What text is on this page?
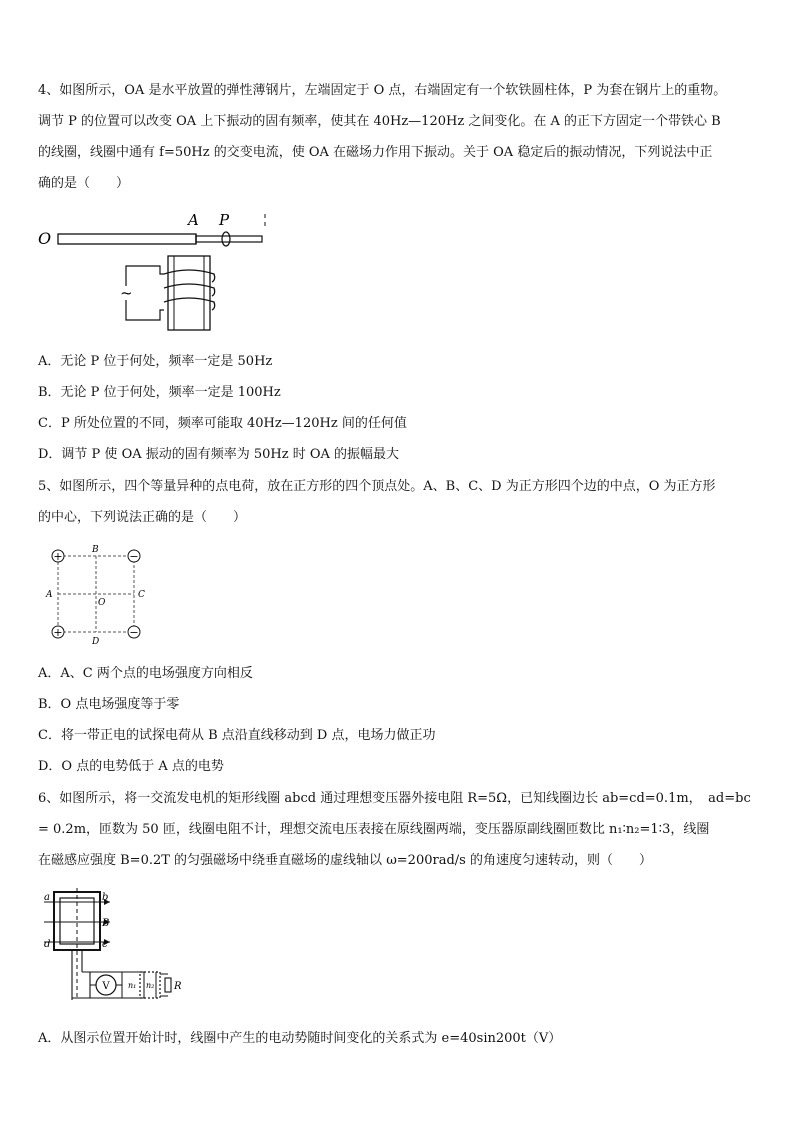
4、如图所示，OA 是水平放置的弹性薄钢片，左端固定于 O 点，右端固定有一个软铁圆柱体，P 为套在钢片上的重物。
调节 P 的位置可以改变 OA 上下振动的固有频率，使其在 40Hz—120Hz 之间变化。在 A 的正下方固定一个带铁心 B
的线圈，线圈中通有 f=50Hz 的交变电流，使 OA 在磁场力作用下振动。关于 OA 稳定后的振动情况，下列说法中正
确的是（　　）
O
A P
~
A．无论 P 位于何处，频率一定是 50Hz
B．无论 P 位于何处，频率一定是 100Hz
C．P 所处位置的不同，频率可能取 40Hz—120Hz 间的任何值
D．调节 P 使 OA 振动的固有频率为 50Hz 时 OA 的振幅最大
5、如图所示，四个等量异种的点电荷，放在正方形的四个顶点处。A、B、C、D 为正方形四个边的中点，O 为正方形
的中心，下列说法正确的是（　　）
+	−
+	−
B
A	C
D
O
A．A、C 两个点的电场强度方向相反
B．O 点电场强度等于零
C．将一带正电的试探电荷从 B 点沿直线移动到 D 点，电场力做正功
D．O 点的电势低于 A 点的电势
6、如图所示，将一交流发电机的矩形线圈 abcd 通过理想变压器外接电阻 R=5Ω，已知线圈边长 ab=cd=0.1m，　ad=bc
= 0.2m，匝数为 50 匝，线圈电阻不计，理想交流电压表接在原线圈两端，变压器原副线圈匝数比 n₁∶n₂=1∶3，线圈
在磁感应强度 B=0.2T 的匀强磁场中绕垂直磁场的虚线轴以 ω=200rad/s 的角速度匀速转动，则（　　）
a	b
c
d
B
V n₁ n₂ R
A．从图示位置开始计时，线圈中产生的电动势随时间变化的关系式为 e=40sin200t（V）
